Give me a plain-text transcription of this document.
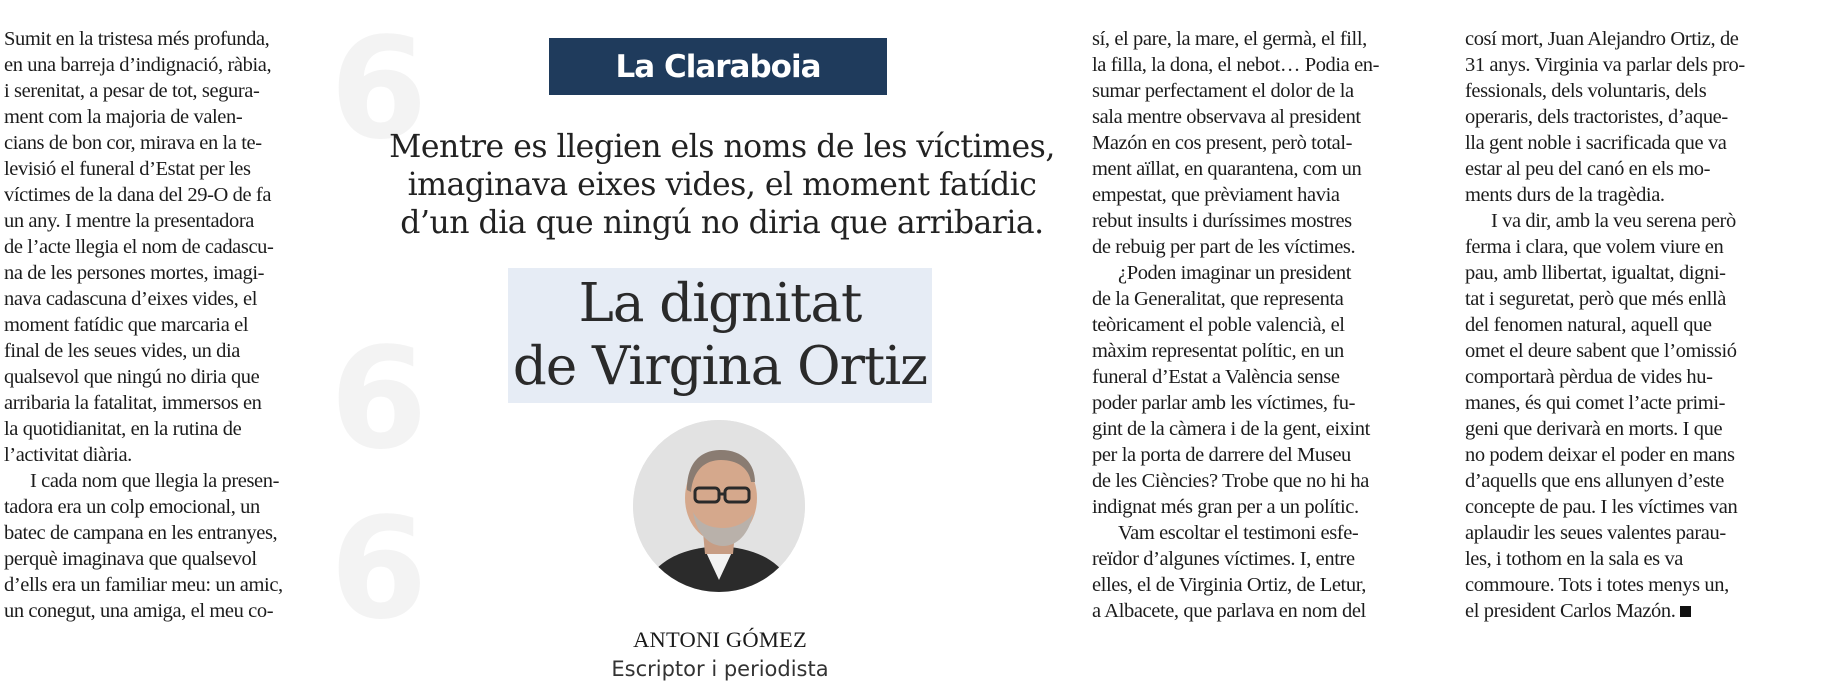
6
6
6

Sumit en la tristesa més profunda,

en una barreja d’indignació, ràbia,

i serenitat, a pesar de tot, segura-

ment com la majoria de valen-

cians de bon cor, mirava en la te-

levisió el funeral d’Estat per les

víctimes de la dana del 29-O de fa

un any. I mentre la presentadora

de l’acte llegia el nom de cadascu-

na de les persones mortes, imagi-

nava cadascuna d’eixes vides, el

moment fatídic que marcaria el

final de les seues vides, un dia

qualsevol que ningú no diria que

arribaria la fatalitat, immersos en

la quotidianitat, en la rutina de

l’activitat diària.

I cada nom que llegia la presen-

tadora era un colp emocional, un

batec de campana en les entranyes,

perquè imaginava que qualsevol

d’ells era un familiar meu: un amic,

un conegut, una amiga, el meu co-

La Claraboia
Mentre es llegien els noms de les víctimes,
imaginava eixes vides, el moment fatídic
d’un dia que ningú no diria que arribaria.
La dignitat
de Virgina Ortiz
ANTONI GÓMEZ
Escriptor i periodista

sí, el pare, la mare, el germà, el fill,

la filla, la dona, el nebot… Podia en-

sumar perfectament el dolor de la

sala mentre observava al president

Mazón en cos present, però total-

ment aïllat, en quarantena, com un

empestat, que prèviament havia

rebut insults i duríssimes mostres

de rebuig per part de les víctimes.

¿Poden imaginar un president

de la Generalitat, que representa

teòricament el poble valencià, el

màxim representat polític, en un

funeral d’Estat a València sense

poder parlar amb les víctimes, fu-

gint de la càmera i de la gent, eixint

per la porta de darrere del Museu

de les Ciències? Trobe que no hi ha

indignat més gran per a un polític.

Vam escoltar el testimoni esfe-

reïdor d’algunes víctimes. I, entre

elles, el de Virginia Ortiz, de Letur,

a Albacete, que parlava en nom del

cosí mort, Juan Alejandro Ortiz, de

31 anys. Virginia va parlar dels pro-

fessionals, dels voluntaris, dels

operaris, dels tractoristes, d’aque-

lla gent noble i sacrificada que va

estar al peu del canó en els mo-

ments durs de la tragèdia.

I va dir, amb la veu serena però

ferma i clara, que volem viure en

pau, amb llibertat, igualtat, digni-

tat i seguretat, però que més enllà

del fenomen natural, aquell que

omet el deure sabent que l’omissió

comportarà pèrdua de vides hu-

manes, és qui comet l’acte primi-

geni que derivarà en morts. I que

no podem deixar el poder en mans

d’aquells que ens allunyen d’este

concepte de pau. I les víctimes van

aplaudir les seues valentes parau-

les, i tothom en la sala es va

commoure. Tots i totes menys un,

el president Carlos Mazón.
